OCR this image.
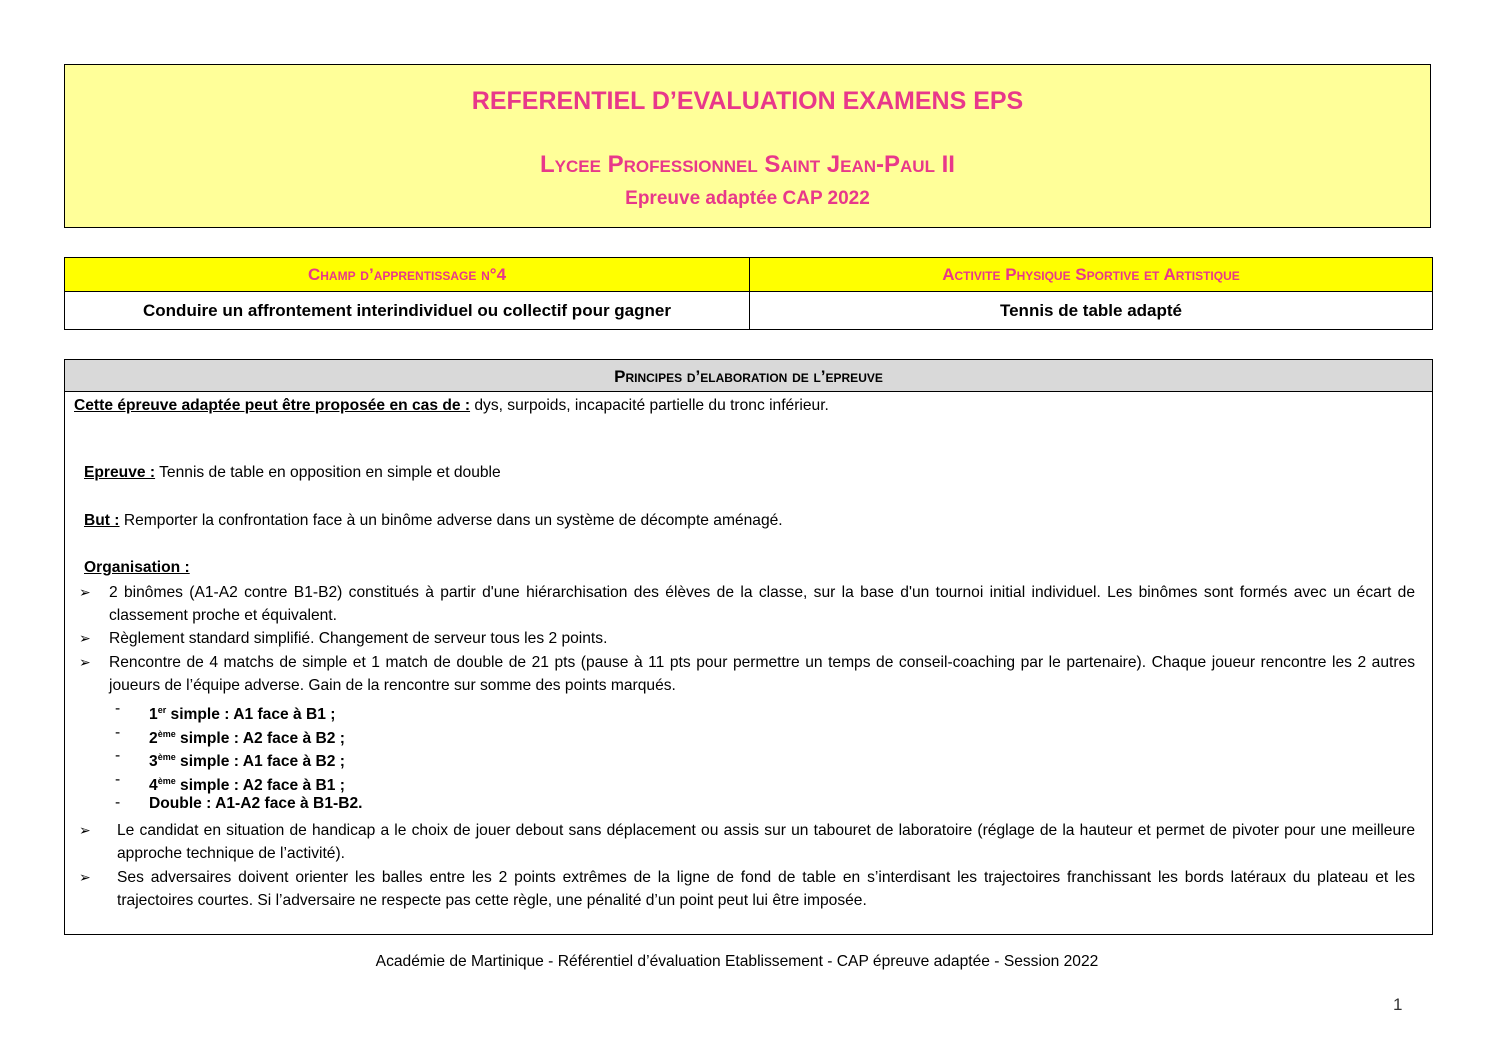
REFERENTIEL D’EVALUATION EXAMENS EPS
Lycee Professionnel Saint Jean-Paul II
Epreuve adaptée CAP 2022
Champ d’apprentissage n°4	Activite Physique Sportive et Artistique
Conduire un affrontement interindividuel ou collectif pour gagner	Tennis de table adapté
Principes d’elaboration de l’epreuve
Cette épreuve adaptée peut être proposée en cas de : dys, surpoids, incapacité partielle du tronc inférieur.
Epreuve : Tennis de table en opposition en simple et double
But : Remporter la confrontation face à un binôme adverse dans un système de décompte aménagé.
Organisation :
➢ 2 binômes (A1-A2 contre B1-B2) constitués à partir d'une hiérarchisation des élèves de la classe, sur la base d'un tournoi initial individuel. Les binômes sont formés avec un écart de classement proche et équivalent.
➢ Règlement standard simplifié. Changement de serveur tous les 2 points.
➢ Rencontre de 4 matchs de simple et 1 match de double de 21 pts (pause à 11 pts pour permettre un temps de conseil-coaching par le partenaire). Chaque joueur rencontre les 2 autres joueurs de l’équipe adverse. Gain de la rencontre sur somme des points marqués.
- 1er simple : A1 face à B1 ;
- 2ème simple : A2 face à B2 ;
- 3ème simple : A1 face à B2 ;
- 4ème simple : A2 face à B1 ;
- Double : A1-A2 face à B1-B2.
➢ Le candidat en situation de handicap a le choix de jouer debout sans déplacement ou assis sur un tabouret de laboratoire (réglage de la hauteur et permet de pivoter pour une meilleure approche technique de l’activité).
➢ Ses adversaires doivent orienter les balles entre les 2 points extrêmes de la ligne de fond de table en s’interdisant les trajectoires franchissant les bords latéraux du plateau et les trajectoires courtes. Si l’adversaire ne respecte pas cette règle, une pénalité d’un point peut lui être imposée.
Académie de Martinique - Référentiel d’évaluation Etablissement - CAP épreuve adaptée - Session 2022
1
